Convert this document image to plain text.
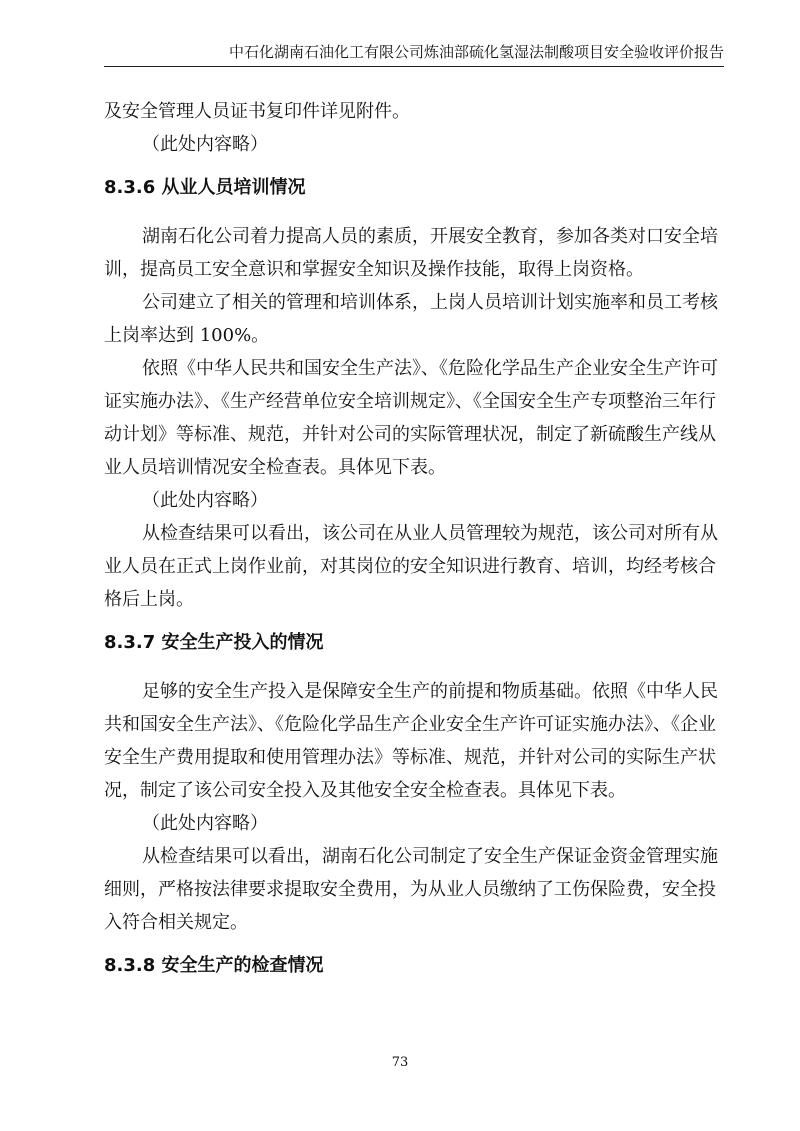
中石化湖南石油化工有限公司炼油部硫化氢湿法制酸项目安全验收评价报告

及安全管理人员证书复印件详见附件。

（此处内容略）

8.3.6 从业人员培训情况

湖南石化公司着力提高人员的素质，开展安全教育，参加各类对口安全培训，提高员工安全意识和掌握安全知识及操作技能，取得上岗资格。

公司建立了相关的管理和培训体系，上岗人员培训计划实施率和员工考核上岗率达到 100%。

依照《中华人民共和国安全生产法》、《危险化学品生产企业安全生产许可证实施办法》、《生产经营单位安全培训规定》、《全国安全生产专项整治三年行动计划》等标准、规范，并针对公司的实际管理状况，制定了新硫酸生产线从业人员培训情况安全检查表。具体见下表。

（此处内容略）

从检查结果可以看出，该公司在从业人员管理较为规范，该公司对所有从业人员在正式上岗作业前，对其岗位的安全知识进行教育、培训，均经考核合格后上岗。

8.3.7 安全生产投入的情况

足够的安全生产投入是保障安全生产的前提和物质基础。依照《中华人民共和国安全生产法》、《危险化学品生产企业安全生产许可证实施办法》、《企业安全生产费用提取和使用管理办法》等标准、规范，并针对公司的实际生产状况，制定了该公司安全投入及其他安全安全检查表。具体见下表。

（此处内容略）

从检查结果可以看出，湖南石化公司制定了安全生产保证金资金管理实施细则，严格按法律要求提取安全费用，为从业人员缴纳了工伤保险费，安全投入符合相关规定。

8.3.8 安全生产的检查情况
73
